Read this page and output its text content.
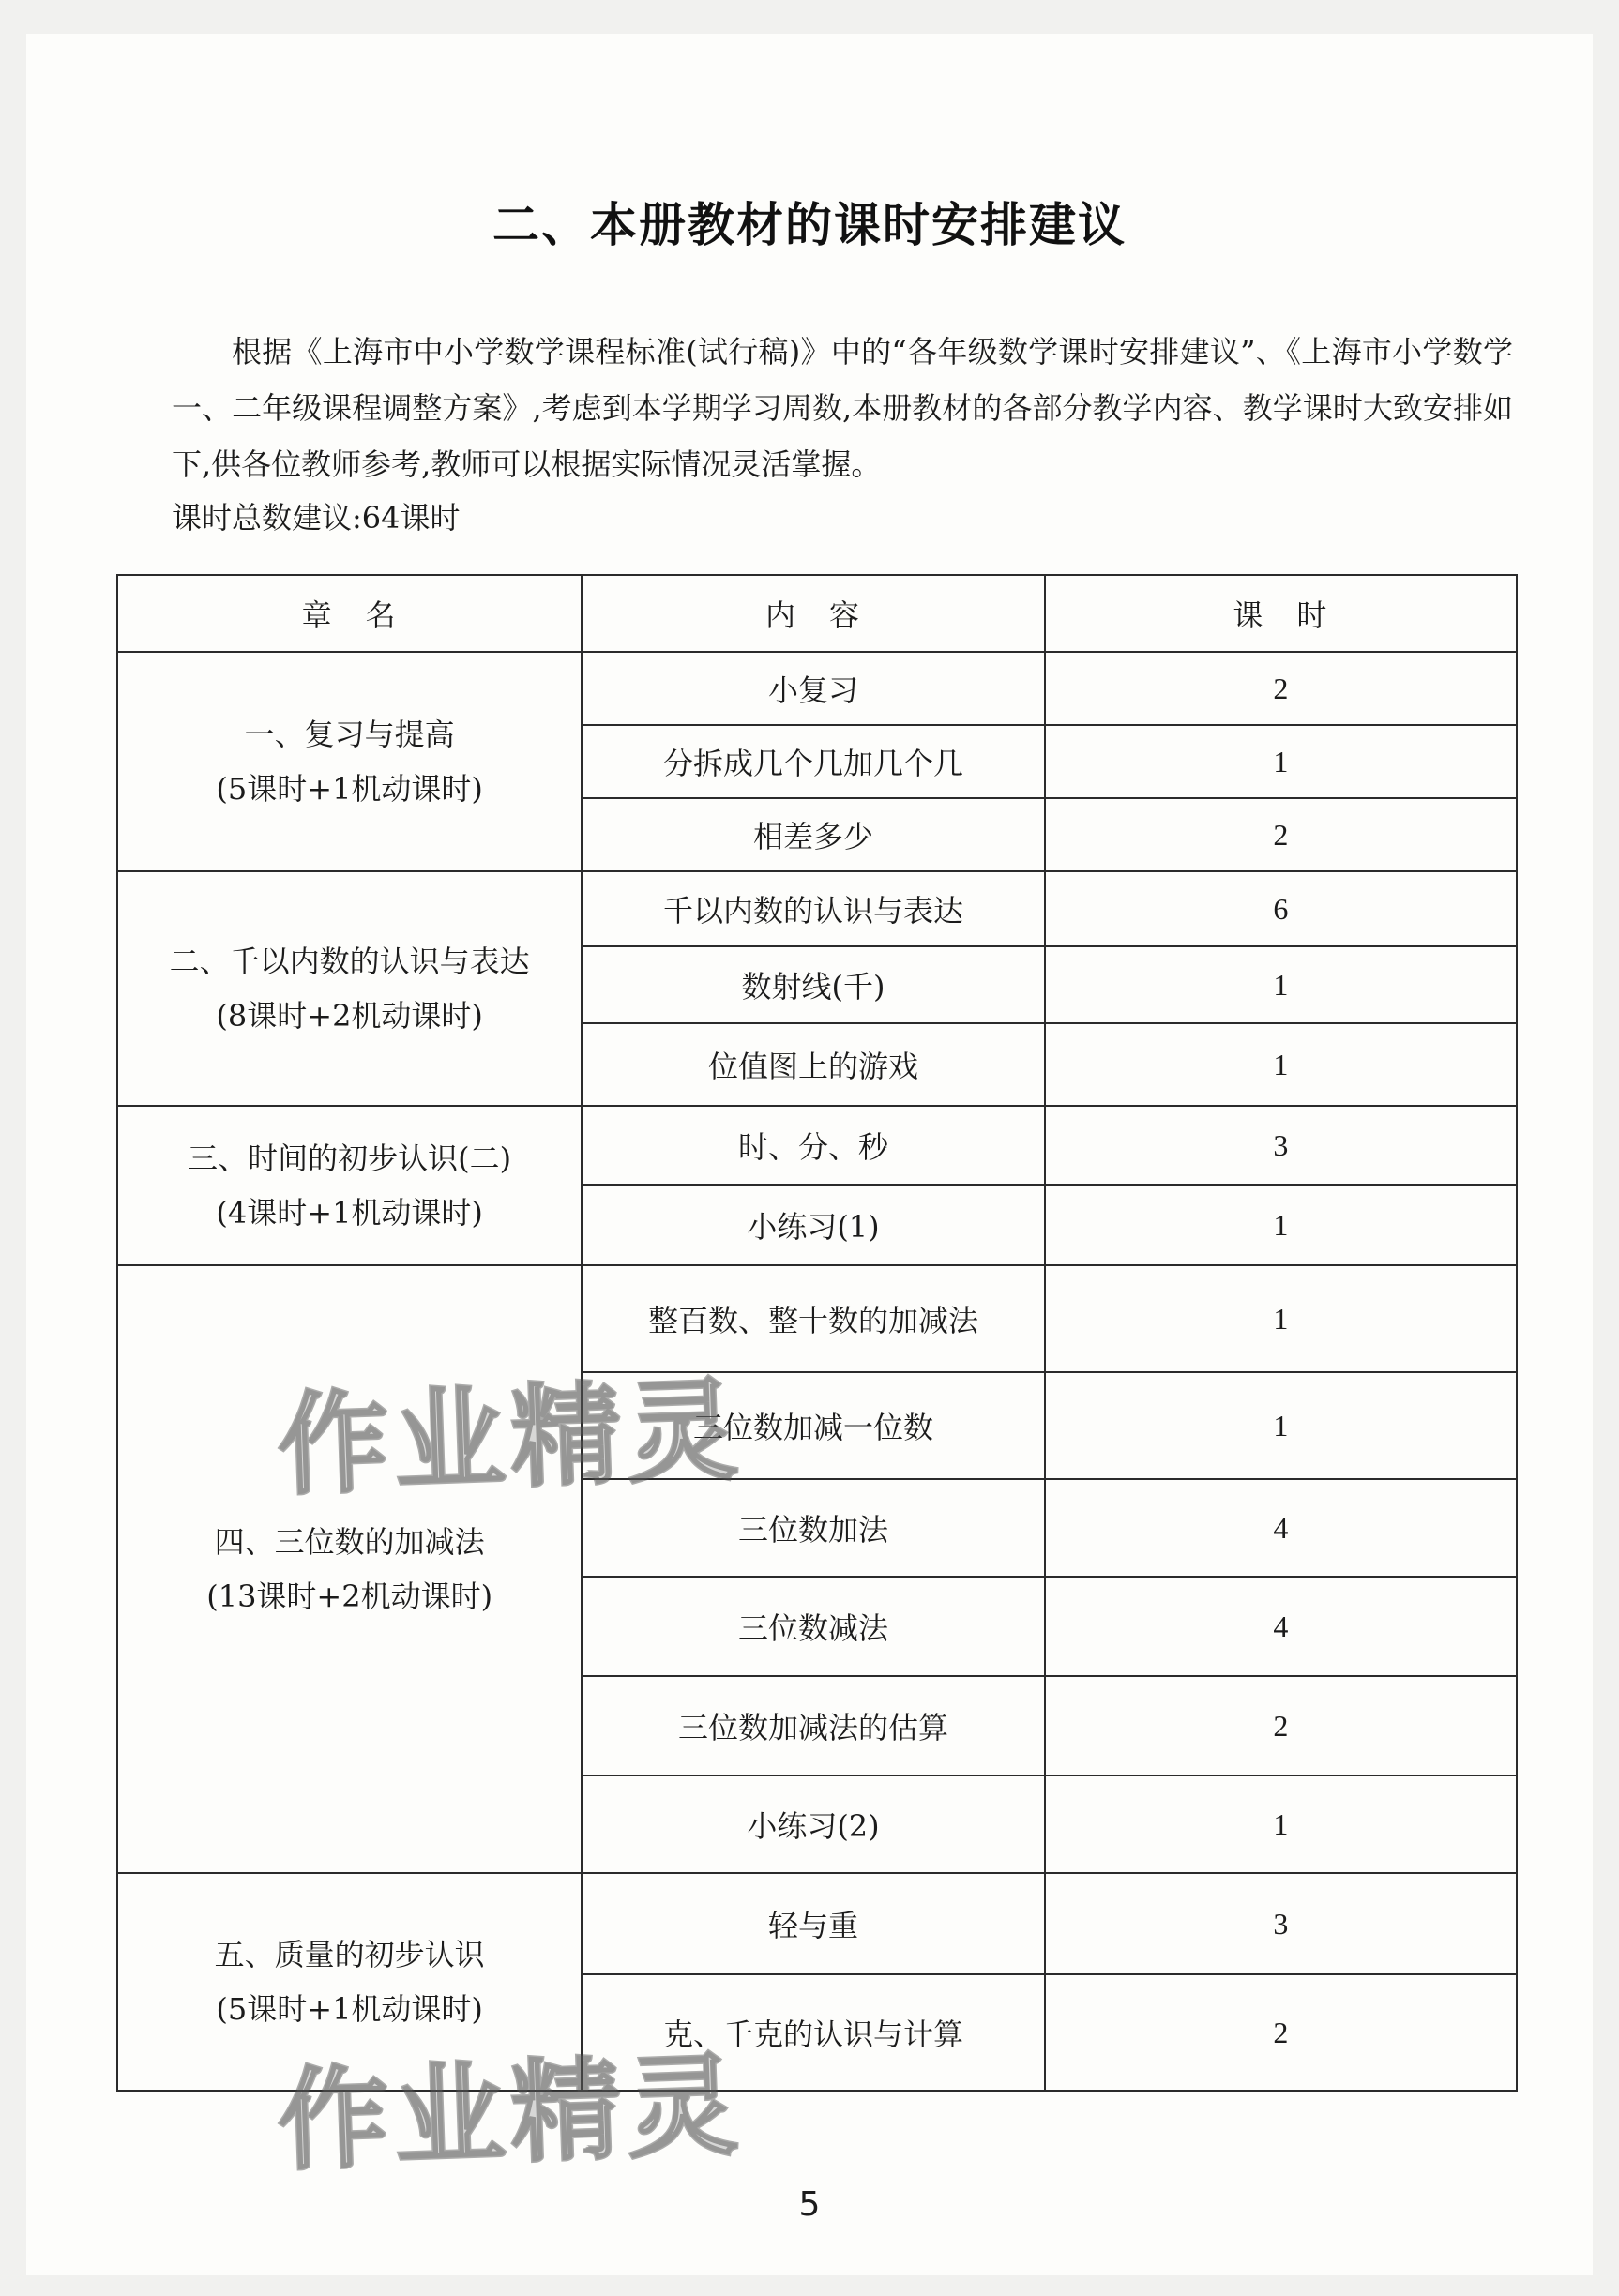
二、本册教材的课时安排建议
根据《上海市中小学数学课程标准(试行稿)》中的“各年级数学课时安排建议”、《上海市小学数学一、二年级课程调整方案》,考虑到本学期学习周数,本册教材的各部分教学内容、教学课时大致安排如下,供各位教师参考,教师可以根据实际情况灵活掌握。
课时总数建议:64课时
章　名	内　容	课　时

一、复习与提高
(5课时+1机动课时)	小复习	2
	分拆成几个几加几个几	1
	相差多少	2

二、千以内数的认识与表达
(8课时+2机动课时)	千以内数的认识与表达	6
	数射线(千)	1
	位值图上的游戏	1

三、时间的初步认识(二)
(4课时+1机动课时)	时、分、秒	3
	小练习(1)	1

四、三位数的加减法
(13课时+2机动课时)	整百数、整十数的加减法	1
	三位数加减一位数	1
	三位数加法	4
	三位数减法	4
	三位数加减法的估算	2
	小练习(2)	1

五、质量的初步认识
(5课时+1机动课时)	轻与重	3
	克、千克的认识与计算	2
作业精灵
作业精灵
5
